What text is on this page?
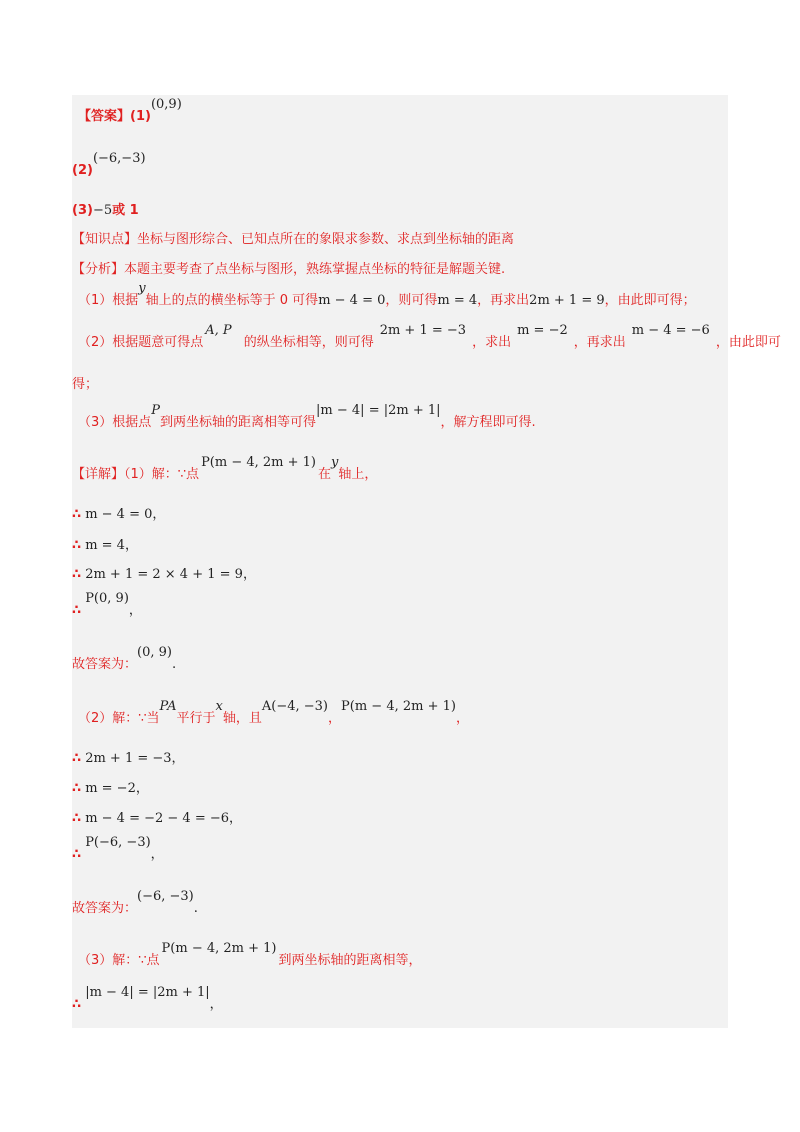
【答案】(1)(0,9)
(2)(−6,−3)
(3)−5或 1
【知识点】坐标与图形综合、已知点所在的象限求参数、求点到坐标轴的距离
【分析】本题主要考查了点坐标与图形，熟练掌握点坐标的特征是解题关键.
（1）根据y轴上的点的横坐标等于 0 可得m − 4 = 0，则可得m = 4，再求出2m + 1 = 9，由此即可得；
（2）根据题意可得点A, P的纵坐标相等，则可得2m + 1 = −3，求出m = −2，再求出m − 4 = −6，由此即可
得；
（3）根据点P到两坐标轴的距离相等可得|m − 4| = |2m + 1|，解方程即可得.
【详解】（1）解：∵点P(m − 4, 2m + 1)在y轴上，
∴ m − 4 = 0，
∴ m = 4，
∴ 2m + 1 = 2 × 4 + 1 = 9，
∴ P(0, 9)，
故答案为：(0, 9).
（2）解：∵当PA平行于x轴，且A(−4, −3)，P(m − 4, 2m + 1)，
∴ 2m + 1 = −3，
∴ m = −2，
∴ m − 4 = −2 − 4 = −6，
∴ P(−6, −3)，
故答案为：(−6, −3).
（3）解：∵点P(m − 4, 2m + 1)到两坐标轴的距离相等，
∴ |m − 4| = |2m + 1|，
